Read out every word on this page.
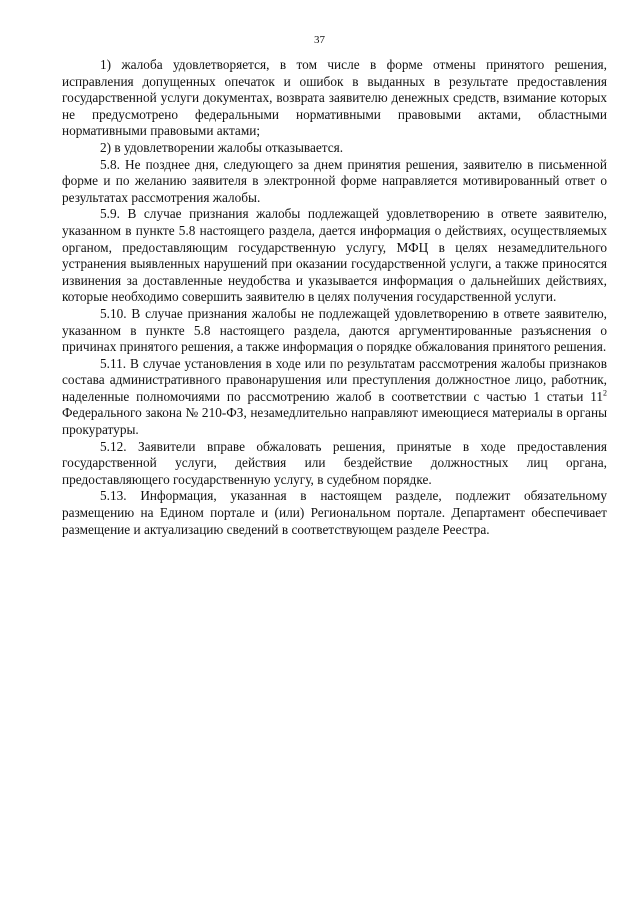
37

1) жалоба удовлетворяется, в том числе в форме отмены принятого решения, исправления допущенных опечаток и ошибок в выданных в результате предоставления государственной услуги документах, возврата заявителю денежных средств, взимание которых не предусмотрено федеральными нормативными правовыми актами, областными нормативными правовыми актами;

2) в удовлетворении жалобы отказывается.

5.8. Не позднее дня, следующего за днем принятия решения, заявителю в письменной форме и по желанию заявителя в электронной форме направляется мотивированный ответ о результатах рассмотрения жалобы.

5.9. В случае признания жалобы подлежащей удовлетворению в ответе заявителю, указанном в пункте 5.8 настоящего раздела, дается информация о действиях, осуществляемых органом, предоставляющим государственную услугу, МФЦ в целях незамедлительного устранения выявленных нарушений при оказании государственной услуги, а также приносятся извинения за доставленные неудобства и указывается информация о дальнейших действиях, которые необходимо совершить заявителю в целях получения государственной услуги.

5.10. В случае признания жалобы не подлежащей удовлетворению в ответе заявителю, указанном в пункте 5.8 настоящего раздела, даются аргументированные разъяснения о причинах принятого решения, а также информация о порядке обжалования принятого решения.

5.11. В случае установления в ходе или по результатам рассмотрения жалобы признаков состава административного правонарушения или преступления должностное лицо, работник, наделенные полномочиями по рассмотрению жалоб в соответствии с частью 1 статьи $11^2$ Федерального закона № 210-ФЗ, незамедлительно направляют имеющиеся материалы в органы прокуратуры.

5.12. Заявители вправе обжаловать решения, принятые в ходе предоставления государственной услуги, действия или бездействие должностных лиц органа, предоставляющего государственную услугу, в судебном порядке.

5.13. Информация, указанная в настоящем разделе, подлежит обязательному размещению на Едином портале и (или) Региональном портале. Департамент обеспечивает размещение и актуализацию сведений в соответствующем разделе Реестра.
